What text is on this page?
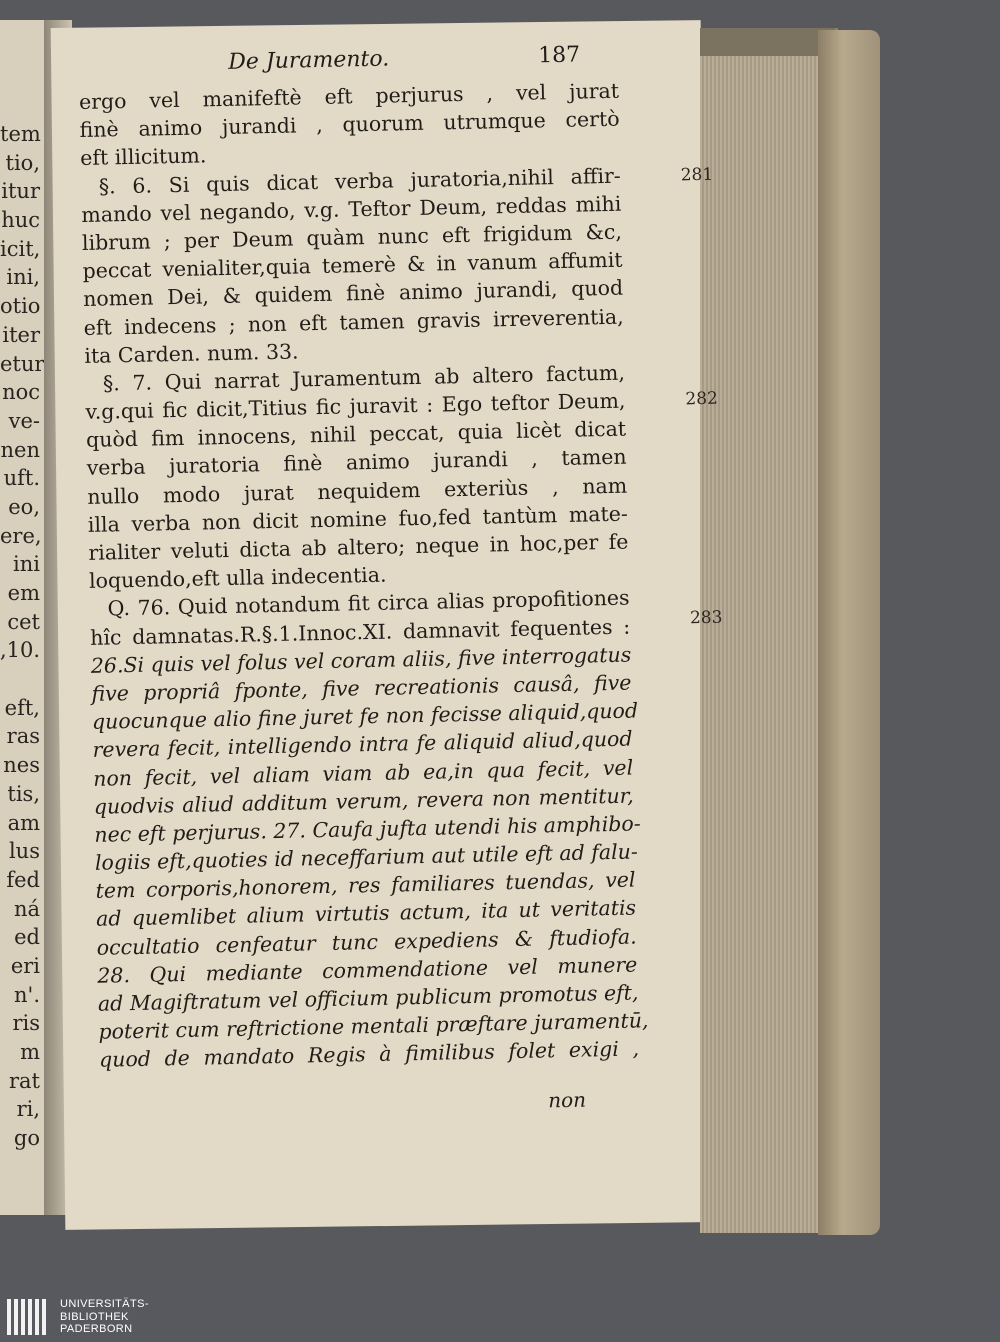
tem
tio,
itur
huc
icit,
ini,
otio
iter
etur
noc
ve-
nen
uft.
eo,
ere,
ini
em
cet
,10.
eft,
ras
nes
tis,
am
lus
fed
ná
ed
eri
n'.
ris
m
rat
ri,
go
De Juramento.	187
ergo vel manifeftè eft perjurus , vel jurat
finè animo jurandi , quorum utrumque certò
eft illicitum.
§. 6. Si quis dicat verba juratoria,nihil affir-
mando vel negando, v.g. Teftor Deum, reddas mihi
librum ; per Deum quàm nunc eft frigidum &c,
peccat venialiter,quia temerè & in vanum affumit
nomen Dei, & quidem finè animo jurandi, quod
eft indecens ; non eft tamen gravis irreverentia,
ita Carden. num. 33.
§. 7. Qui narrat Juramentum ab altero factum,
v.g.qui fic dicit,Titius fic juravit : Ego teftor Deum,
quòd fim innocens, nihil peccat, quia licèt dicat
verba juratoria finè animo jurandi , tamen
nullo modo jurat nequidem exteriùs , nam
illa verba non dicit nomine fuo,fed tantùm mate-
rialiter veluti dicta ab altero; neque in hoc,per fe
loquendo,eft ulla indecentia.
Q. 76. Quid notandum fit circa alias propofitiones
hîc damnatas.R.§.1.Innoc.XI. damnavit fequentes :
26.Si quis vel folus vel coram aliis, five interrogatus
five propriâ fponte, five recreationis causâ, five
quocunque alio fine juret fe non fecisse aliquid,quod
revera fecit, intelligendo intra fe aliquid aliud,quod
non fecit, vel aliam viam ab ea,in qua fecit, vel
quodvis aliud additum verum, revera non mentitur,
nec eft perjurus. 27. Caufa jufta utendi his amphibo-
logiis eft,quoties id neceffarium aut utile eft ad falu-
tem corporis,honorem, res familiares tuendas, vel
ad quemlibet alium virtutis actum, ita ut veritatis
occultatio cenfeatur tunc expediens & ftudiofa.
28. Qui mediante commendatione vel munere
ad Magiftratum vel officium publicum promotus eft,
poterit cum reftrictione mentali præftare juramentū,
quod de mandato Regis à fimilibus folet exigi ,
non
281
282
283
UNIVERSITÄTS-
BIBLIOTHEK
PADERBORN
